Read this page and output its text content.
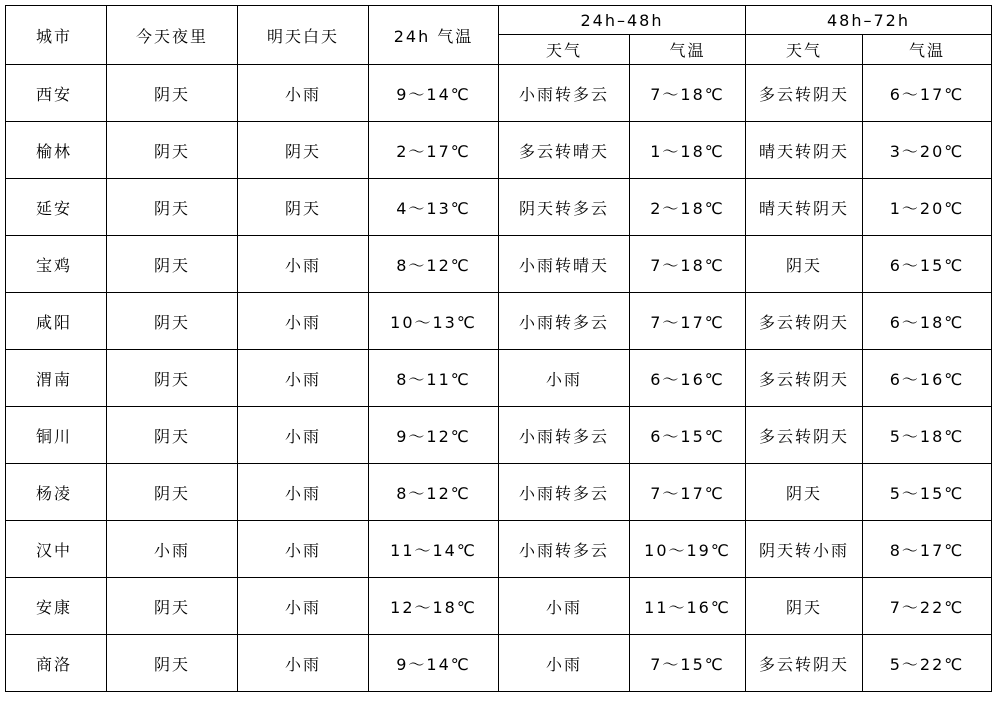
城市	今天夜里	明天白天	24h 气温	24h–48h		48h–72h	
				天气	气温	天气	气温
西安	阴天	小雨	9～14℃	小雨转多云	7～18℃	多云转阴天	6～17℃
榆林	阴天	阴天	2～17℃	多云转晴天	1～18℃	晴天转阴天	3～20℃
延安	阴天	阴天	4～13℃	阴天转多云	2～18℃	晴天转阴天	1～20℃
宝鸡	阴天	小雨	8～12℃	小雨转晴天	7～18℃	阴天	6～15℃
咸阳	阴天	小雨	10～13℃	小雨转多云	7～17℃	多云转阴天	6～18℃
渭南	阴天	小雨	8～11℃	小雨	6～16℃	多云转阴天	6～16℃
铜川	阴天	小雨	9～12℃	小雨转多云	6～15℃	多云转阴天	5～18℃
杨凌	阴天	小雨	8～12℃	小雨转多云	7～17℃	阴天	5～15℃
汉中	小雨	小雨	11～14℃	小雨转多云	10～19℃	阴天转小雨	8～17℃
安康	阴天	小雨	12～18℃	小雨	11～16℃	阴天	7～22℃
商洛	阴天	小雨	9～14℃	小雨	7～15℃	多云转阴天	5～22℃
